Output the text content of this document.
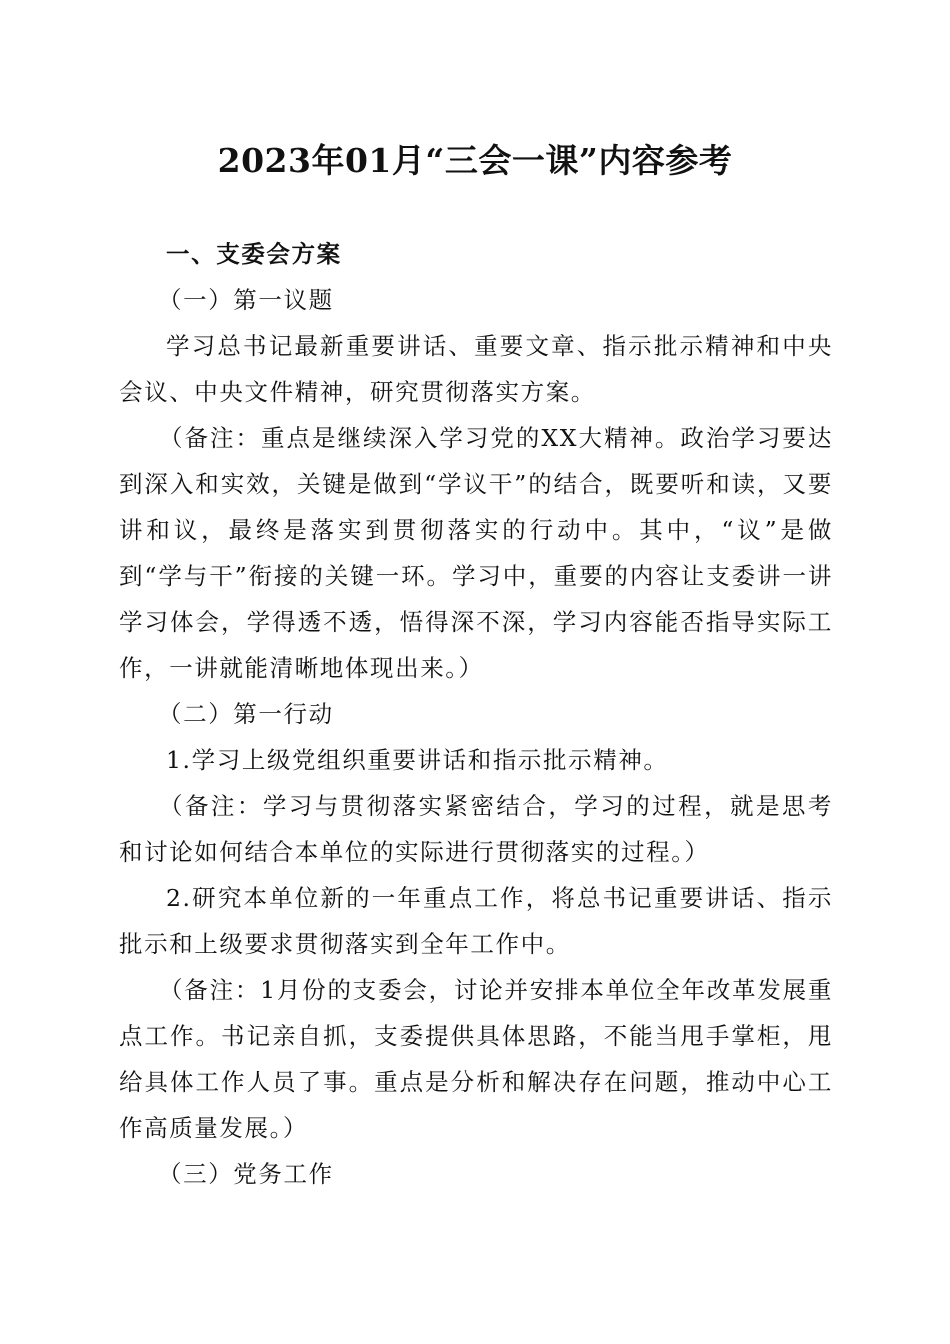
2023年01月“三会一课”内容参考

一、支委会方案

（一）第一议题

学习总书记最新重要讲话、重要文章、指示批示精神和中央会议、中央文件精神，研究贯彻落实方案。

（备注：重点是继续深入学习党的XX大精神。政治学习要达到深入和实效，关键是做到“学议干”的结合，既要听和读，又要讲和议，最终是落实到贯彻落实的行动中。其中，“议”是做到“学与干”衔接的关键一环。学习中，重要的内容让支委讲一讲学习体会，学得透不透，悟得深不深，学习内容能否指导实际工作，一讲就能清晰地体现出来。）

（二）第一行动

1.学习上级党组织重要讲话和指示批示精神。

（备注：学习与贯彻落实紧密结合，学习的过程，就是思考和讨论如何结合本单位的实际进行贯彻落实的过程。）

2.研究本单位新的一年重点工作，将总书记重要讲话、指示批示和上级要求贯彻落实到全年工作中。

（备注：1月份的支委会，讨论并安排本单位全年改革发展重点工作。书记亲自抓，支委提供具体思路，不能当甩手掌柜，甩给具体工作人员了事。重点是分析和解决存在问题，推动中心工作高质量发展。）

（三）党务工作
